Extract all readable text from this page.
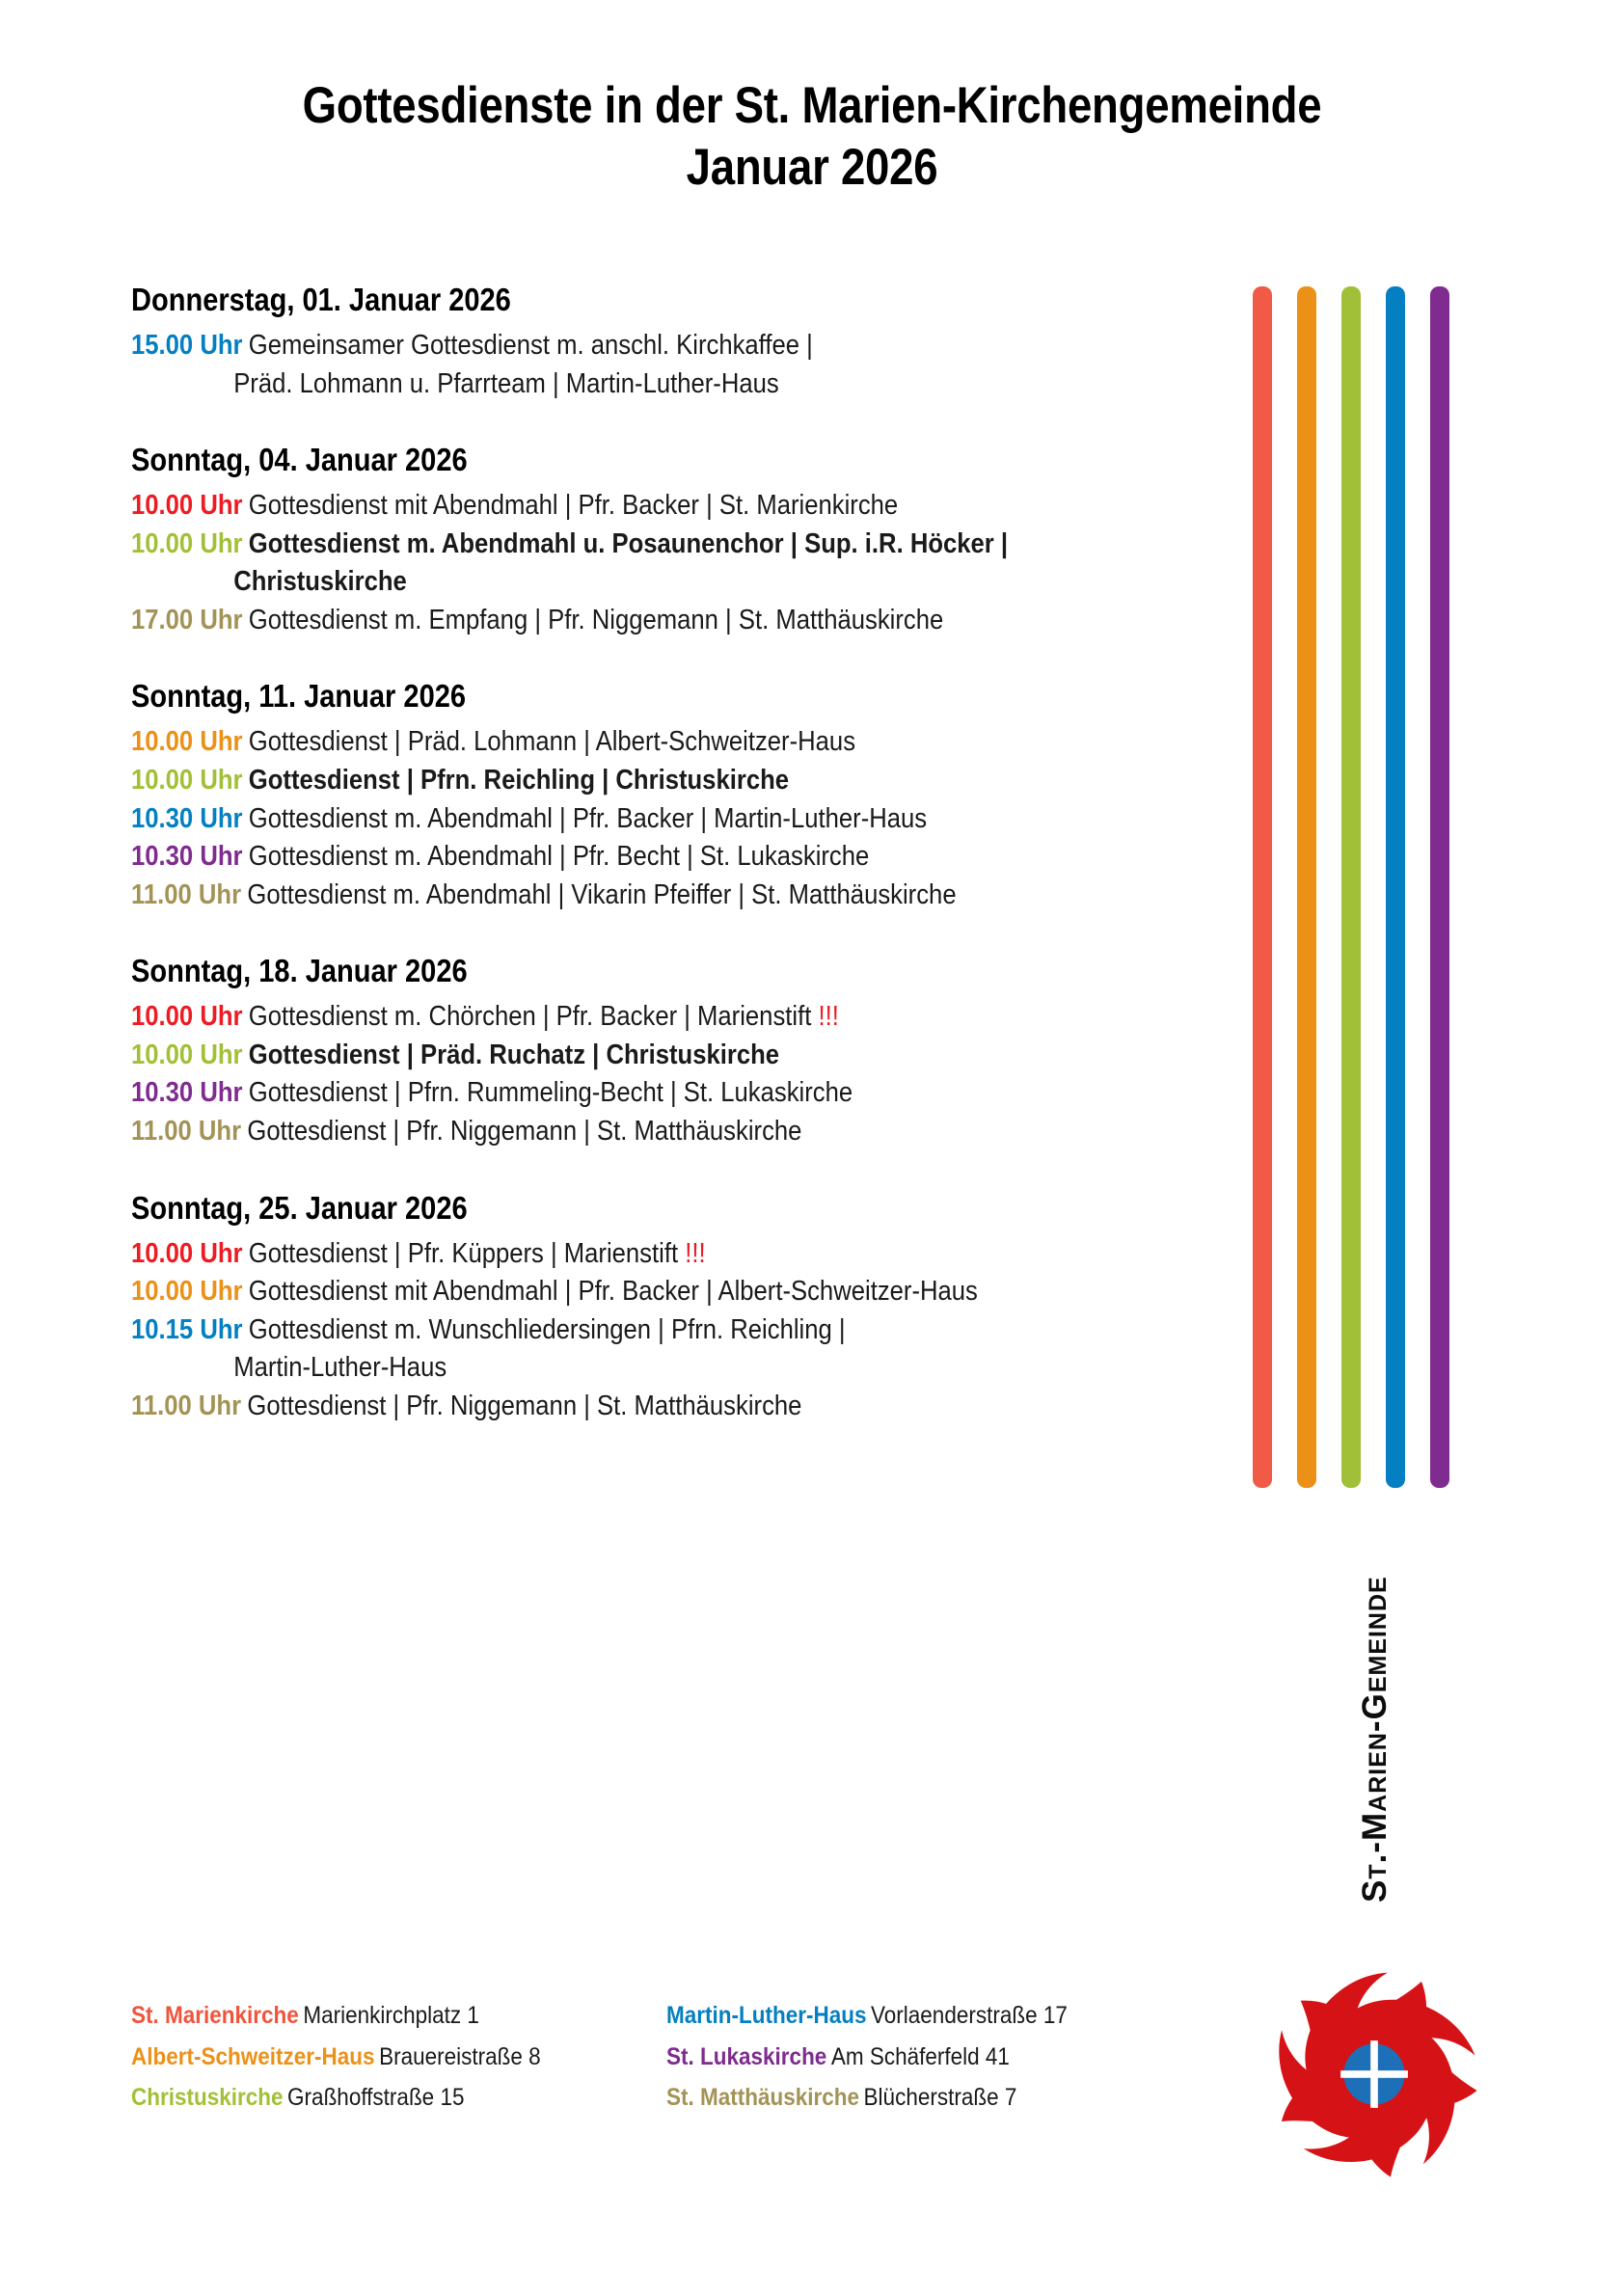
Gottesdienste in der St. Marien-Kirchengemeinde
Januar 2026
Donnerstag, 01. Januar 2026
15.00 Uhr Gemeinsamer Gottesdienst m. anschl. Kirchkaffee |
Präd. Lohmann u. Pfarrteam | Martin-Luther-Haus
Sonntag, 04. Januar 2026
10.00 Uhr Gottesdienst mit Abendmahl | Pfr. Backer | St. Marienkirche
10.00 Uhr Gottesdienst m. Abendmahl u. Posaunenchor | Sup. i.R. Höcker |
Christuskirche
17.00 Uhr Gottesdienst m. Empfang | Pfr. Niggemann | St. Matthäuskirche
Sonntag, 11. Januar 2026
10.00 Uhr Gottesdienst | Präd. Lohmann | Albert-Schweitzer-Haus
10.00 Uhr Gottesdienst | Pfrn. Reichling | Christuskirche
10.30 Uhr Gottesdienst m. Abendmahl | Pfr. Backer | Martin-Luther-Haus
10.30 Uhr Gottesdienst m. Abendmahl | Pfr. Becht | St. Lukaskirche
11.00 Uhr Gottesdienst m. Abendmahl | Vikarin Pfeiffer | St. Matthäuskirche
Sonntag, 18. Januar 2026
10.00 Uhr Gottesdienst m. Chörchen | Pfr. Backer | Marienstift !!!
10.00 Uhr Gottesdienst | Präd. Ruchatz | Christuskirche
10.30 Uhr Gottesdienst | Pfrn. Rummeling-Becht | St. Lukaskirche
11.00 Uhr Gottesdienst | Pfr. Niggemann | St. Matthäuskirche
Sonntag, 25. Januar 2026
10.00 Uhr Gottesdienst | Pfr. Küppers | Marienstift !!!
10.00 Uhr Gottesdienst mit Abendmahl | Pfr. Backer | Albert-Schweitzer-Haus
10.15 Uhr Gottesdienst m. Wunschliedersingen | Pfrn. Reichling |
Martin-Luther-Haus
11.00 Uhr Gottesdienst | Pfr. Niggemann | St. Matthäuskirche
St.-Marien-Gemeinde
St. Marienkirche Marienkirchplatz 1	Martin-Luther-Haus Vorlaenderstraße 17
Albert-Schweitzer-Haus Brauereistraße 8	St. Lukaskirche Am Schäferfeld 41
Christuskirche Graßhoffstraße 15	St. Matthäuskirche Blücherstraße 7
